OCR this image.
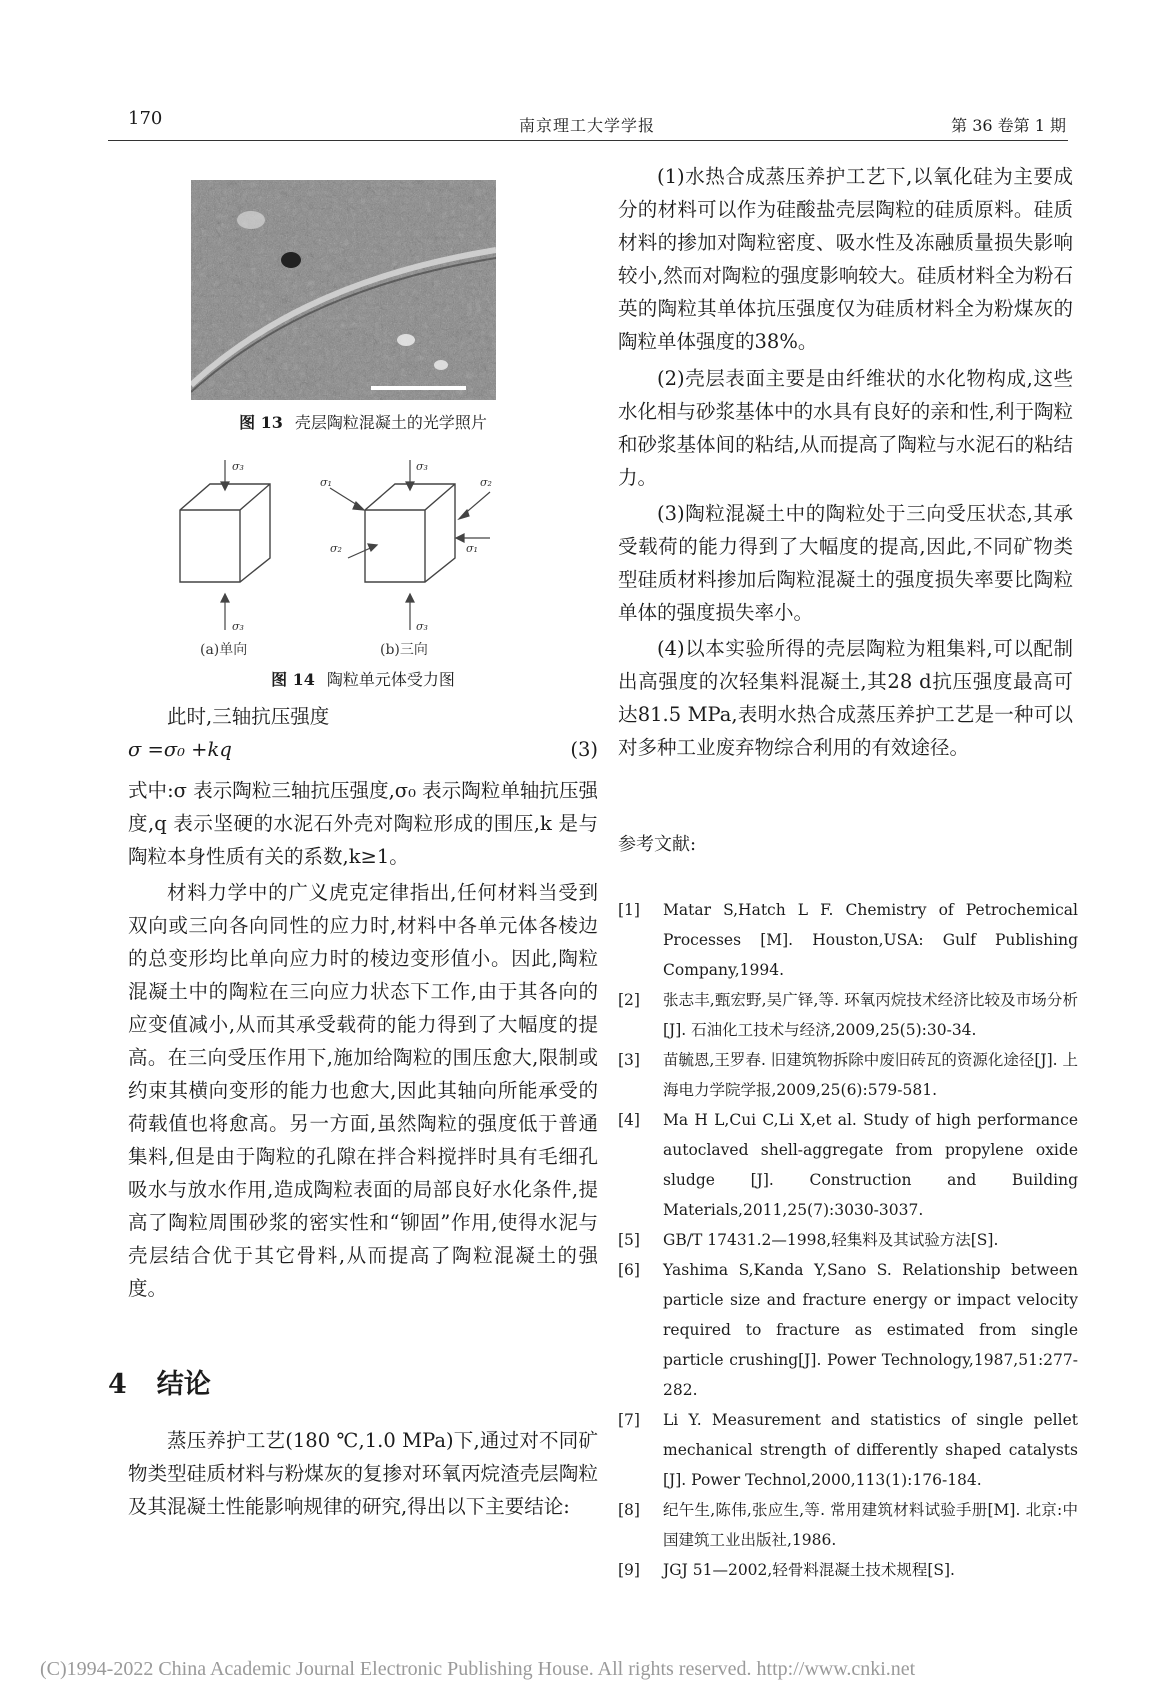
170	南京理工大学学报	第 36 卷第 1 期
图 13 壳层陶粒混凝土的光学照片
σ₃
σ₃
σ₃
σ₃
σ₁
σ₁
σ₂
σ₂
(a)单向	(b)三向
图 14 陶粒单元体受力图

此时,三轴抗压强度

σ =σ₀ +kq	(3)

式中:σ 表示陶粒三轴抗压强度,σ₀ 表示陶粒单轴抗压强度,q 表示坚硬的水泥石外壳对陶粒形成的围压,k 是与陶粒本身性质有关的系数,k≥1。

材料力学中的广义虎克定律指出,任何材料当受到双向或三向各向同性的应力时,材料中各单元体各棱边的总变形均比单向应力时的棱边变形值小。因此,陶粒混凝土中的陶粒在三向应力状态下工作,由于其各向的应变值减小,从而其承受载荷的能力得到了大幅度的提高。在三向受压作用下,施加给陶粒的围压愈大,限制或约束其横向变形的能力也愈大,因此其轴向所能承受的荷载值也将愈高。另一方面,虽然陶粒的强度低于普通集料,但是由于陶粒的孔隙在拌合料搅拌时具有毛细孔吸水与放水作用,造成陶粒表面的局部良好水化条件,提高了陶粒周围砂浆的密实性和“铆固”作用,使得水泥与壳层结合优于其它骨料,从而提高了陶粒混凝土的强度。

4 结论

蒸压养护工艺(180 ℃,1.0 MPa)下,通过对不同矿物类型硅质材料与粉煤灰的复掺对环氧丙烷渣壳层陶粒及其混凝土性能影响规律的研究,得出以下主要结论:

(1)水热合成蒸压养护工艺下,以氧化硅为主要成分的材料可以作为硅酸盐壳层陶粒的硅质原料。硅质材料的掺加对陶粒密度、吸水性及冻融质量损失影响较小,然而对陶粒的强度影响较大。硅质材料全为粉石英的陶粒其单体抗压强度仅为硅质材料全为粉煤灰的陶粒单体强度的38%。

(2)壳层表面主要是由纤维状的水化物构成,这些水化相与砂浆基体中的水具有良好的亲和性,利于陶粒和砂浆基体间的粘结,从而提高了陶粒与水泥石的粘结力。

(3)陶粒混凝土中的陶粒处于三向受压状态,其承受载荷的能力得到了大幅度的提高,因此,不同矿物类型硅质材料掺加后陶粒混凝土的强度损失率要比陶粒单体的强度损失率小。

(4)以本实验所得的壳层陶粒为粗集料,可以配制出高强度的次轻集料混凝土,其28 d抗压强度最高可达81.5 MPa,表明水热合成蒸压养护工艺是一种可以对多种工业废弃物综合利用的有效途径。

参考文献:
[1] Matar S,Hatch L F. Chemistry of Petrochemical Processes [M]. Houston,USA: Gulf Publishing Company,1994.
[2] 张志丰,甄宏野,吴广铎,等. 环氧丙烷技术经济比较及市场分析[J]. 石油化工技术与经济,2009,25(5):30-34.
[3] 苗毓恩,王罗春. 旧建筑物拆除中废旧砖瓦的资源化途径[J]. 上海电力学院学报,2009,25(6):579-581.
[4] Ma H L,Cui C,Li X,et al. Study of high performance autoclaved shell-aggregate from propylene oxide sludge [J]. Construction and Building Materials,2011,25(7):3030-3037.
[5] GB/T 17431.2—1998,轻集料及其试验方法[S].
[6] Yashima S,Kanda Y,Sano S. Relationship between particle size and fracture energy or impact velocity required to fracture as estimated from single particle crushing[J]. Power Technology,1987,51:277-282.
[7] Li Y. Measurement and statistics of single pellet mechanical strength of differently shaped catalysts [J]. Power Technol,2000,113(1):176-184.
[8] 纪午生,陈伟,张应生,等. 常用建筑材料试验手册[M]. 北京:中国建筑工业出版社,1986.
[9] JGJ 51—2002,轻骨料混凝土技术规程[S].
(C)1994-2022 China Academic Journal Electronic Publishing House. All rights reserved. http://www.cnki.net
